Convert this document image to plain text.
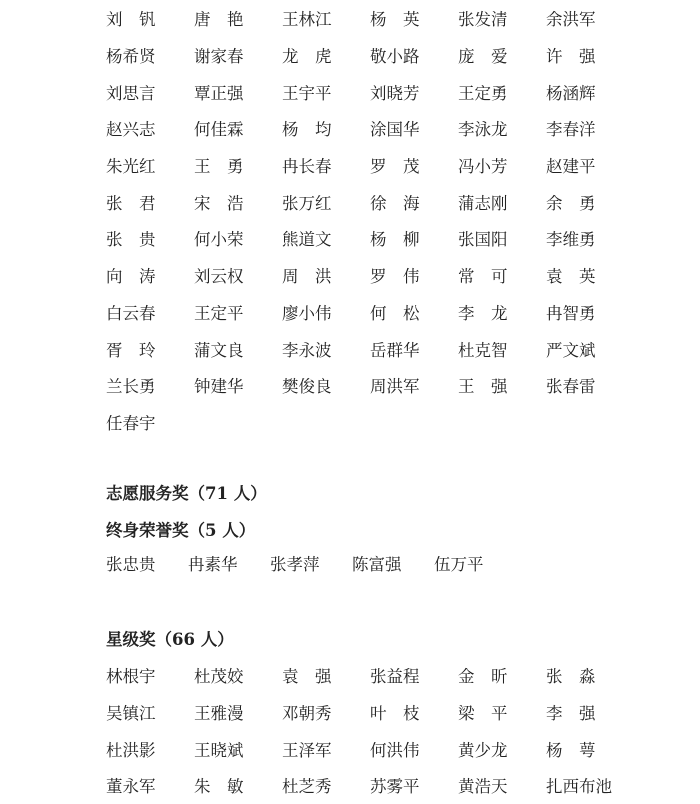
刘　钒	唐　艳	王林江	杨　英	张发清	余洪军
杨希贤	谢家春	龙　虎	敬小路	庞　爱	许　强
刘思言	覃正强	王宇平	刘晓芳	王定勇	杨涵辉
赵兴志	何佳霖	杨　均	涂国华	李泳龙	李春洋
朱光红	王　勇	冉长春	罗　茂	冯小芳	赵建平
张　君	宋　浩	张万红	徐　海	蒲志刚	余　勇
张　贵	何小荣	熊道文	杨　柳	张国阳	李维勇
向　涛	刘云权	周　洪	罗　伟	常　可	袁　英
白云春	王定平	廖小伟	何　松	李　龙	冉智勇
胥　玲	蒲文良	李永波	岳群华	杜克智	严文斌
兰长勇	钟建华	樊俊良	周洪军	王　强	张春雷
任春宇
志愿服务奖（71 人）
终身荣誉奖（5 人）
张忠贵	冉素华	张孝萍	陈富强	伍万平
星级奖（66 人）
林根宇	杜茂姣	袁　强	张益程	金　昕	张　淼
吴镇江	王雅漫	邓朝秀	叶　枝	梁　平	李　强
杜洪影	王晓斌	王泽军	何洪伟	黄少龙	杨　萼
董永军	朱　敏	杜芝秀	苏雾平	黄浩天	扎西布池
